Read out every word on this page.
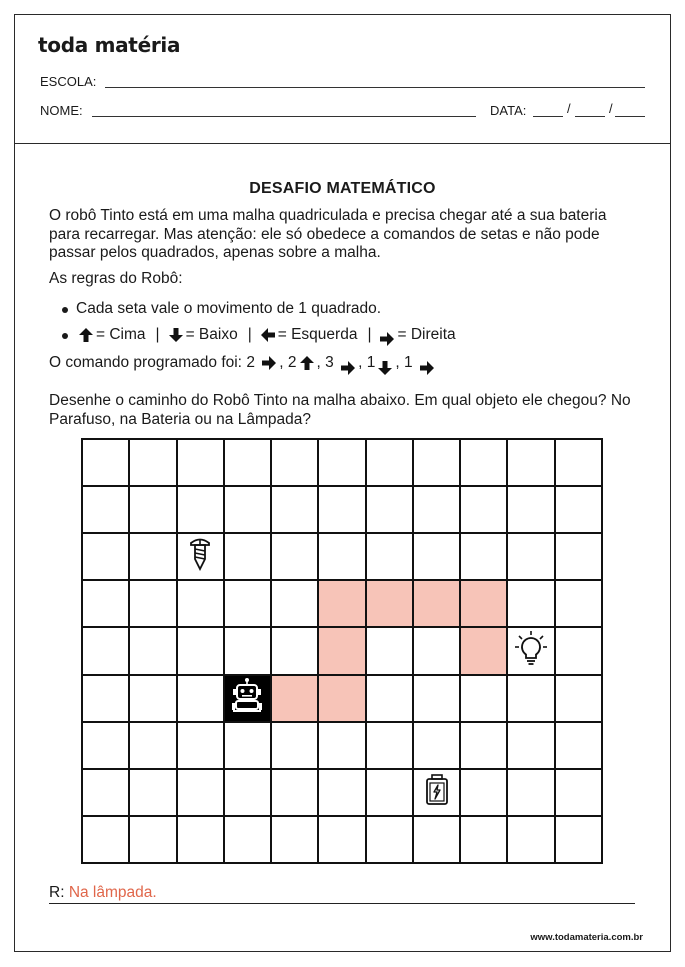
toda matéria
ESCOLA:
NOME:	DATA:	/	/
DESAFIO MATEMÁTICO

O robô Tinto está em uma malha quadriculada e precisa chegar até a sua bateria para recarregar. Mas atenção: ele só obedece a comandos de setas e não pode passar pelos quadrados, apenas sobre a malha.

As regras do Robô:

Cada seta vale o movimento de 1 quadrado.
= Cima | = Baixo | = Esquerda | = Direita
O comando programado foi:
2
,
2 ,
3
,
1 ,
1

Desenhe o caminho do Robô Tinto na malha abaixo. Em qual objeto ele chegou? No Parafuso, na Bateria ou na Lâmpada?

R: Na lâmpada.
www.todamateria.com.br
